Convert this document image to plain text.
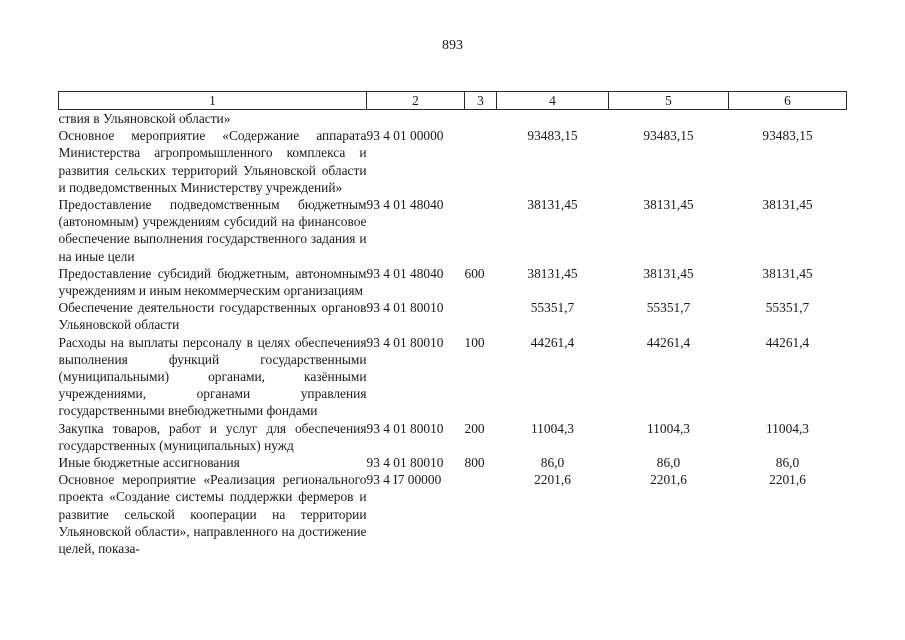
893
1	2	3	4	5	6
ствия в Ульяновской области»					
Основное мероприятие «Содержание аппарата Министерства агропромышленного комплекса и развития сельских территорий Ульяновской области и подведомственных Министерству учреждений»	93 4 01 00000		93483,15	93483,15	93483,15
Предоставление подведомственным бюджетным (автономным) учреждениям субсидий на финансовое обеспечение выполнения государственного задания и на иные цели	93 4 01 48040		38131,45	38131,45	38131,45
Предоставление субсидий бюджетным, автономным учреждениям и иным некоммерческим организациям	93 4 01 48040	600	38131,45	38131,45	38131,45
Обеспечение деятельности государственных органов Ульяновской области	93 4 01 80010		55351,7	55351,7	55351,7
Расходы на выплаты персоналу в целях обеспечения выполнения функций государственными (муниципальными) органами, казёнными учреждениями, органами управления государственными внебюджетными фондами	93 4 01 80010	100	44261,4	44261,4	44261,4
Закупка товаров, работ и услуг для обеспечения государственных (муниципальных) нужд	93 4 01 80010	200	11004,3	11004,3	11004,3
Иные бюджетные ассигнования	93 4 01 80010	800	86,0	86,0	86,0
Основное мероприятие «Реализация регионального проекта «Создание системы поддержки фермеров и развитие сельской кооперации на территории Ульяновской области», направленного на достижение целей, показа-	93 4 I7 00000		2201,6	2201,6	2201,6
